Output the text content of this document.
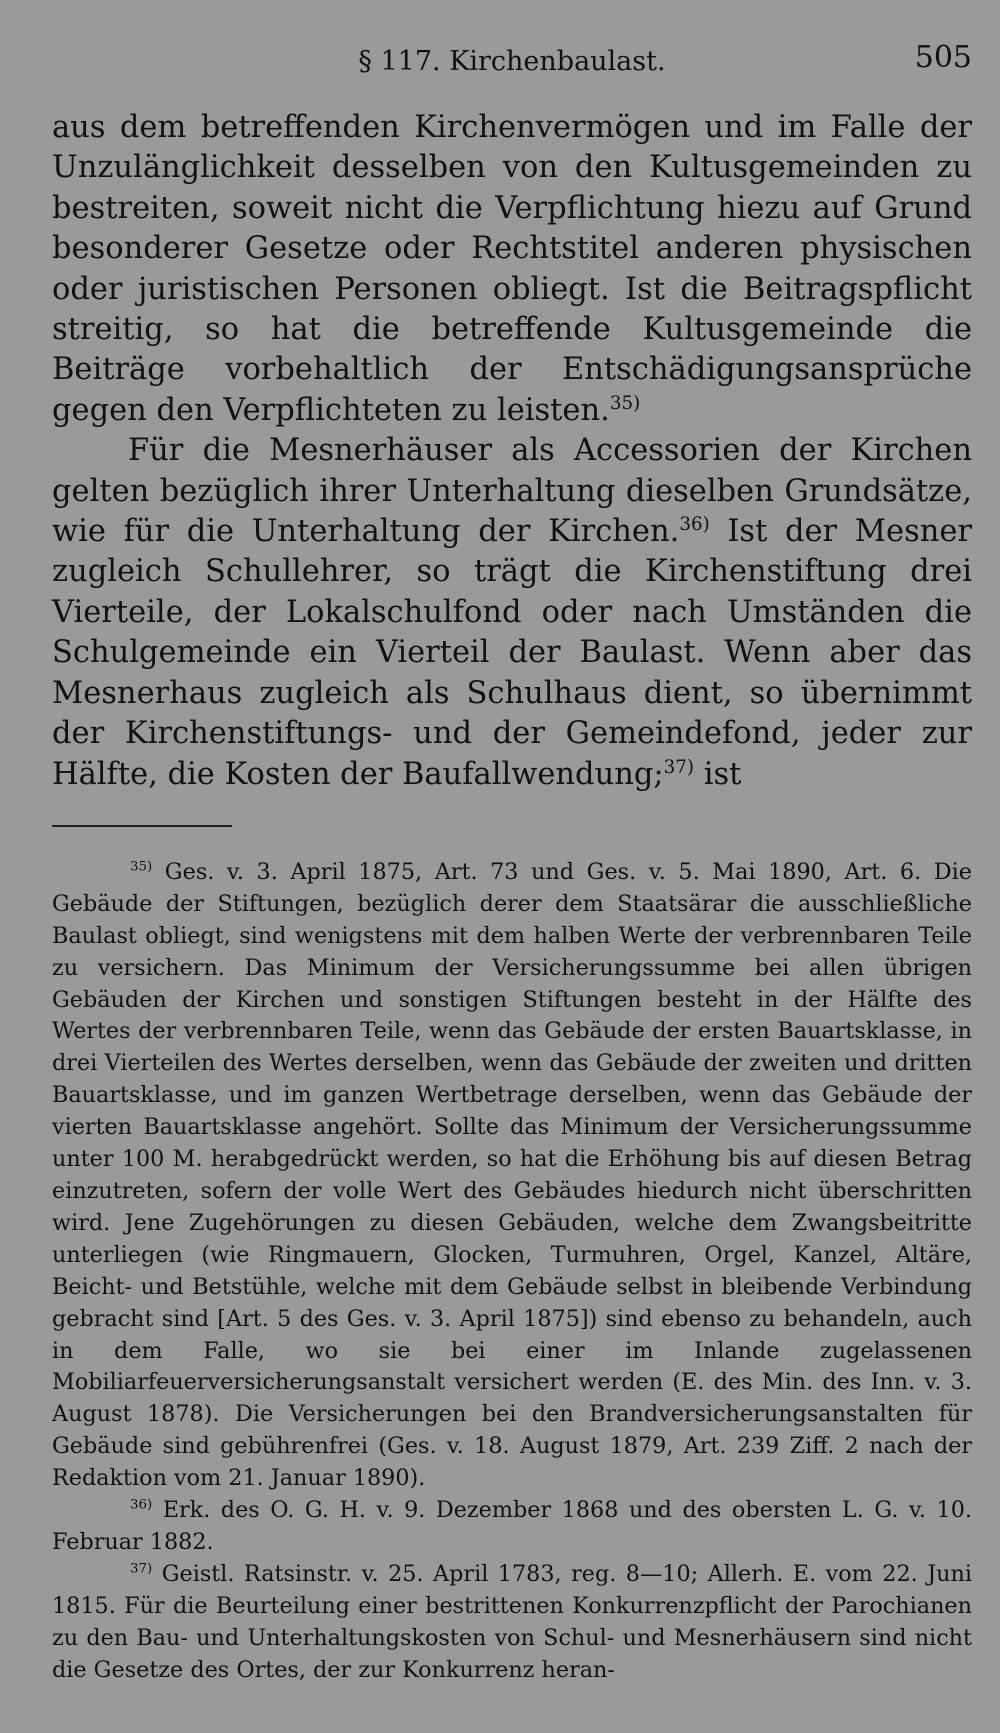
§ 117. Kirchenbaulast.	505

aus dem betreffenden Kirchenvermögen und im Falle der Unzulänglichkeit desselben von den Kultusgemeinden zu bestreiten, soweit nicht die Verpflichtung hiezu auf Grund besonderer Gesetze oder Rechtstitel anderen physischen oder juristischen Personen obliegt. Ist die Beitragspflicht streitig, so hat die betreffende Kultusgemeinde die Beiträge vorbehaltlich der Entschädigungsansprüche gegen den Verpflichteten zu leisten.$^{35)}$

Für die Mesnerhäuser als Accessorien der Kirchen gelten bezüglich ihrer Unterhaltung dieselben Grundsätze, wie für die Unterhaltung der Kirchen.$^{36)}$ Ist der Mesner zugleich Schullehrer, so trägt die Kirchenstiftung drei Vierteile, der Lokalschulfond oder nach Umständen die Schulgemeinde ein Vierteil der Baulast. Wenn aber das Mesnerhaus zugleich als Schulhaus dient, so übernimmt der Kirchenstiftungs- und der Gemeindefond, jeder zur Hälfte, die Kosten der Baufallwendung;$^{37)}$ ist

$^{35)}$ Ges. v. 3. April 1875, Art. 73 und Ges. v. 5. Mai 1890, Art. 6. Die Gebäude der Stiftungen, bezüglich derer dem Staatsärar die ausschließliche Baulast obliegt, sind wenigstens mit dem halben Werte der verbrennbaren Teile zu versichern. Das Minimum der Versicherungssumme bei allen übrigen Gebäuden der Kirchen und sonstigen Stiftungen besteht in der Hälfte des Wertes der verbrennbaren Teile, wenn das Gebäude der ersten Bauartsklasse, in drei Vierteilen des Wertes derselben, wenn das Gebäude der zweiten und dritten Bauartsklasse, und im ganzen Wertbetrage derselben, wenn das Gebäude der vierten Bauartsklasse angehört. Sollte das Minimum der Versicherungssumme unter 100 M. herabgedrückt werden, so hat die Erhöhung bis auf diesen Betrag einzutreten, sofern der volle Wert des Gebäudes hiedurch nicht überschritten wird. Jene Zugehörungen zu diesen Gebäuden, welche dem Zwangsbeitritte unterliegen (wie Ringmauern, Glocken, Turmuhren, Orgel, Kanzel, Altäre, Beicht- und Betstühle, welche mit dem Gebäude selbst in bleibende Verbindung gebracht sind [Art. 5 des Ges. v. 3. April 1875]) sind ebenso zu behandeln, auch in dem Falle, wo sie bei einer im Inlande zugelassenen Mobiliarfeuerversicherungsanstalt versichert werden (E. des Min. des Inn. v. 3. August 1878). Die Versicherungen bei den Brandversicherungsanstalten für Gebäude sind gebührenfrei (Ges. v. 18. August 1879, Art. 239 Ziff. 2 nach der Redaktion vom 21. Januar 1890).

$^{36)}$ Erk. des O. G. H. v. 9. Dezember 1868 und des obersten L. G. v. 10. Februar 1882.

$^{37)}$ Geistl. Ratsinstr. v. 25. April 1783, reg. 8—10; Allerh. E. vom 22. Juni 1815. Für die Beurteilung einer bestrittenen Konkurrenzpflicht der Parochianen zu den Bau- und Unterhaltungskosten von Schul- und Mesnerhäusern sind nicht die Gesetze des Ortes, der zur Konkurrenz heran-
